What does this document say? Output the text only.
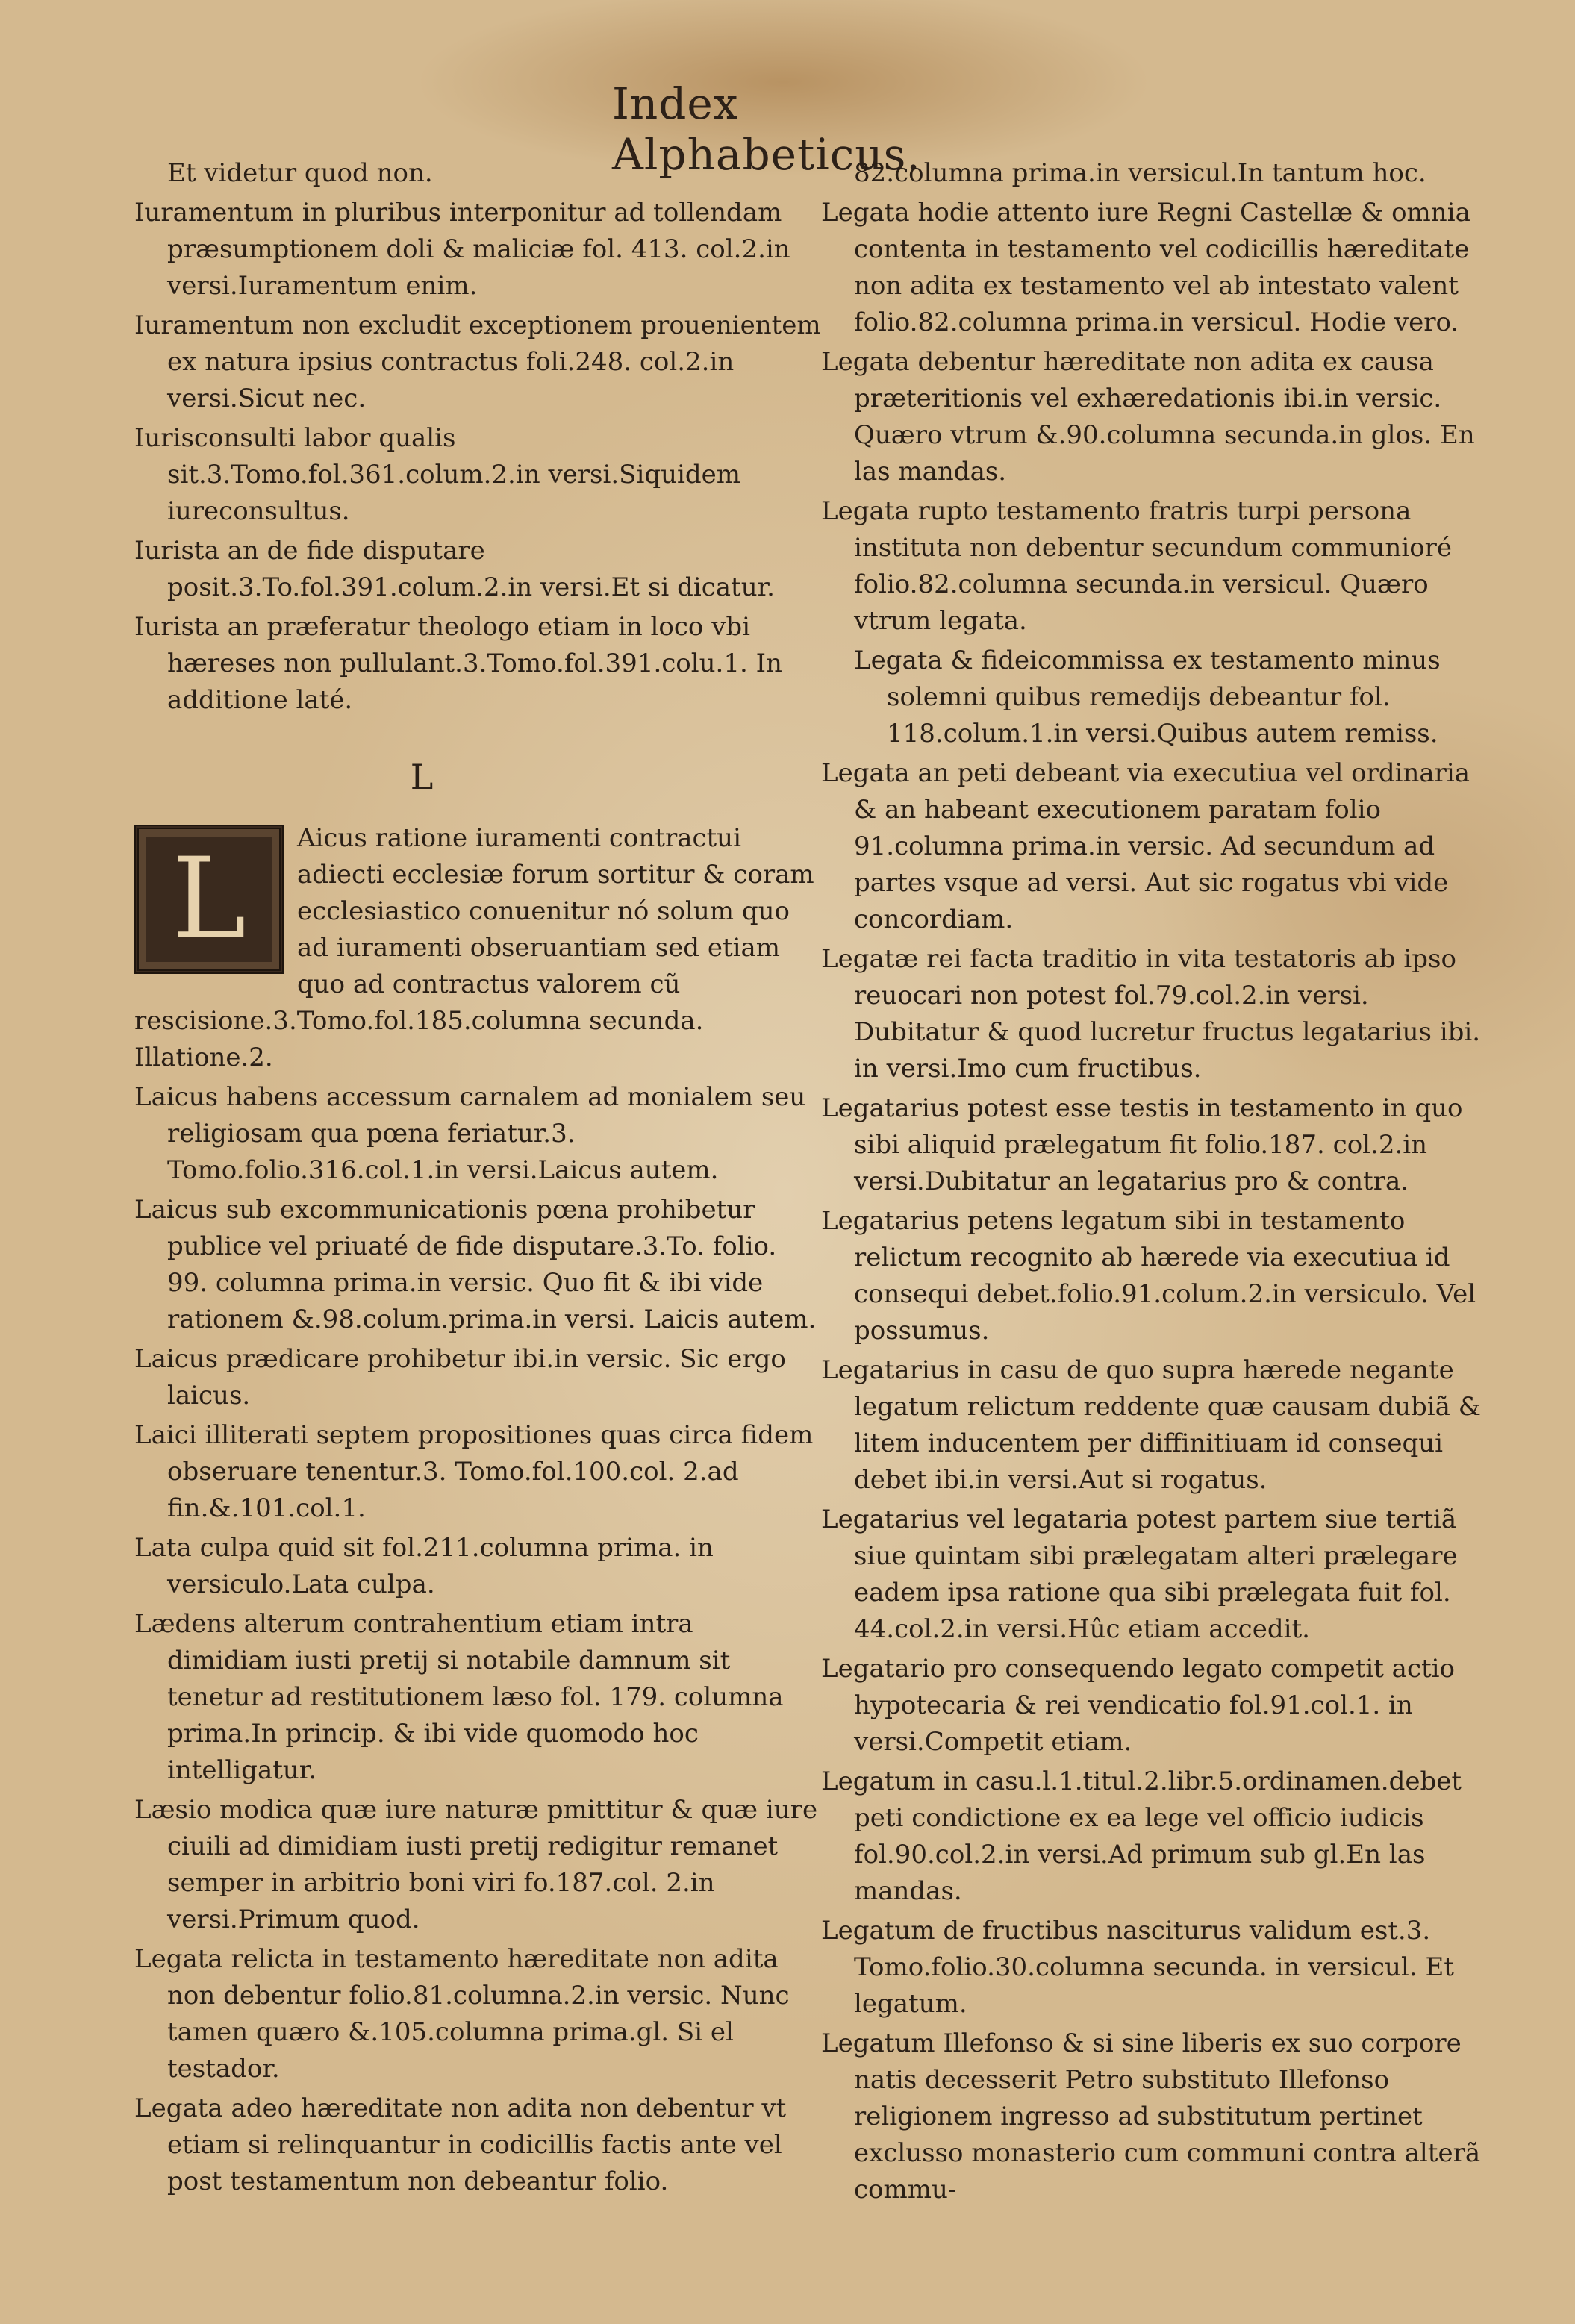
Index Alphabeticus.

Et videtur quod non.

Iuramentum in pluribus interponitur ad tollendam præsumptionem doli & maliciæ fol. 413. col.2.in versi.Iuramentum enim.

Iuramentum non excludit exceptionem prouenientem ex natura ipsius contractus foli.248. col.2.in versi.Sicut nec.

Iurisconsulti labor qualis sit.3.Tomo.fol.361.colum.2.in versi.Siquidem iureconsultus.

Iurista an de fide disputare posit.3.To.fol.391.colum.2.in versi.Et si dicatur.

Iurista an præferatur theologo etiam in loco vbi hæreses non pullulant.3.Tomo.fol.391.colu.1. In additione laté.

L
L	Aicus ratione iuramenti contractui adiecti ecclesiæ forum sortitur & coram ecclesiastico conuenitur nó solum quo ad iuramenti obseruantiam sed etiam quo ad contractus valorem cũ rescisione.3.Tomo.fol.185.columna secunda. Illatione.2.

Laicus habens accessum carnalem ad monialem seu religiosam qua pœna feriatur.3. Tomo.folio.316.col.1.in versi.Laicus autem.

Laicus sub excommunicationis pœna prohibetur publice vel priuaté de fide disputare.3.To. folio. 99. columna prima.in versic. Quo fit & ibi vide rationem &.98.colum.prima.in versi. Laicis autem.

Laicus prædicare prohibetur ibi.in versic. Sic ergo laicus.

Laici illiterati septem propositiones quas circa fidem obseruare tenentur.3. Tomo.fol.100.col. 2.ad fin.&.101.col.1.

Lata culpa quid sit fol.211.columna prima. in versiculo.Lata culpa.

Lædens alterum contrahentium etiam intra dimidiam iusti pretij si notabile damnum sit tenetur ad restitutionem læso fol. 179. columna prima.In princip. & ibi vide quomodo hoc intelligatur.

Læsio modica quæ iure naturæ pmittitur & quæ iure ciuili ad dimidiam iusti pretij redigitur remanet semper in arbitrio boni viri fo.187.col. 2.in versi.Primum quod.

Legata relicta in testamento hæreditate non adita non debentur folio.81.columna.2.in versic. Nunc tamen quæro &.105.columna prima.gl. Si el testador.

Legata adeo hæreditate non adita non debentur vt etiam si relinquantur in codicillis factis ante vel post testamentum non debeantur folio.

82.columna prima.in versicul.In tantum hoc.

Legata hodie attento iure Regni Castellæ & omnia contenta in testamento vel codicillis hæreditate non adita ex testamento vel ab intestato valent folio.82.columna prima.in versicul. Hodie vero.

Legata debentur hæreditate non adita ex causa præteritionis vel exhæredationis ibi.in versic. Quæro vtrum &.90.columna secunda.in glos. En las mandas.

Legata rupto testamento fratris turpi persona instituta non debentur secundum communioré folio.82.columna secunda.in versicul. Quæro vtrum legata.

Legata & fideicommissa ex testamento minus solemni quibus remedijs debeantur fol. 118.colum.1.in versi.Quibus autem remiss.

Legata an peti debeant via executiua vel ordinaria & an habeant executionem paratam folio 91.columna prima.in versic. Ad secundum ad partes vsque ad versi. Aut sic rogatus vbi vide concordiam.

Legatæ rei facta traditio in vita testatoris ab ipso reuocari non potest fol.79.col.2.in versi. Dubitatur & quod lucretur fructus legatarius ibi. in versi.Imo cum fructibus.

Legatarius potest esse testis in testamento in quo sibi aliquid prælegatum fit folio.187. col.2.in versi.Dubitatur an legatarius pro & contra.

Legatarius petens legatum sibi in testamento relictum recognito ab hærede via executiua id consequi debet.folio.91.colum.2.in versiculo. Vel possumus.

Legatarius in casu de quo supra hærede negante legatum relictum reddente quæ causam dubiã & litem inducentem per diffinitiuam id consequi debet ibi.in versi.Aut si rogatus.

Legatarius vel legataria potest partem siue tertiã siue quintam sibi prælegatam alteri prælegare eadem ipsa ratione qua sibi prælegata fuit fol. 44.col.2.in versi.Hûc etiam accedit.

Legatario pro consequendo legato competit actio hypotecaria & rei vendicatio fol.91.col.1. in versi.Competit etiam.

Legatum in casu.l.1.titul.2.libr.5.ordinamen.debet peti condictione ex ea lege vel officio iudicis fol.90.col.2.in versi.Ad primum sub gl.En las mandas.

Legatum de fructibus nasciturus validum est.3. Tomo.folio.30.columna secunda. in versicul. Et legatum.

Legatum Illefonso & si sine liberis ex suo corpore natis decesserit Petro substituto Illefonso religionem ingresso ad substitutum pertinet exclusso monasterio cum communi contra alterã commu-
